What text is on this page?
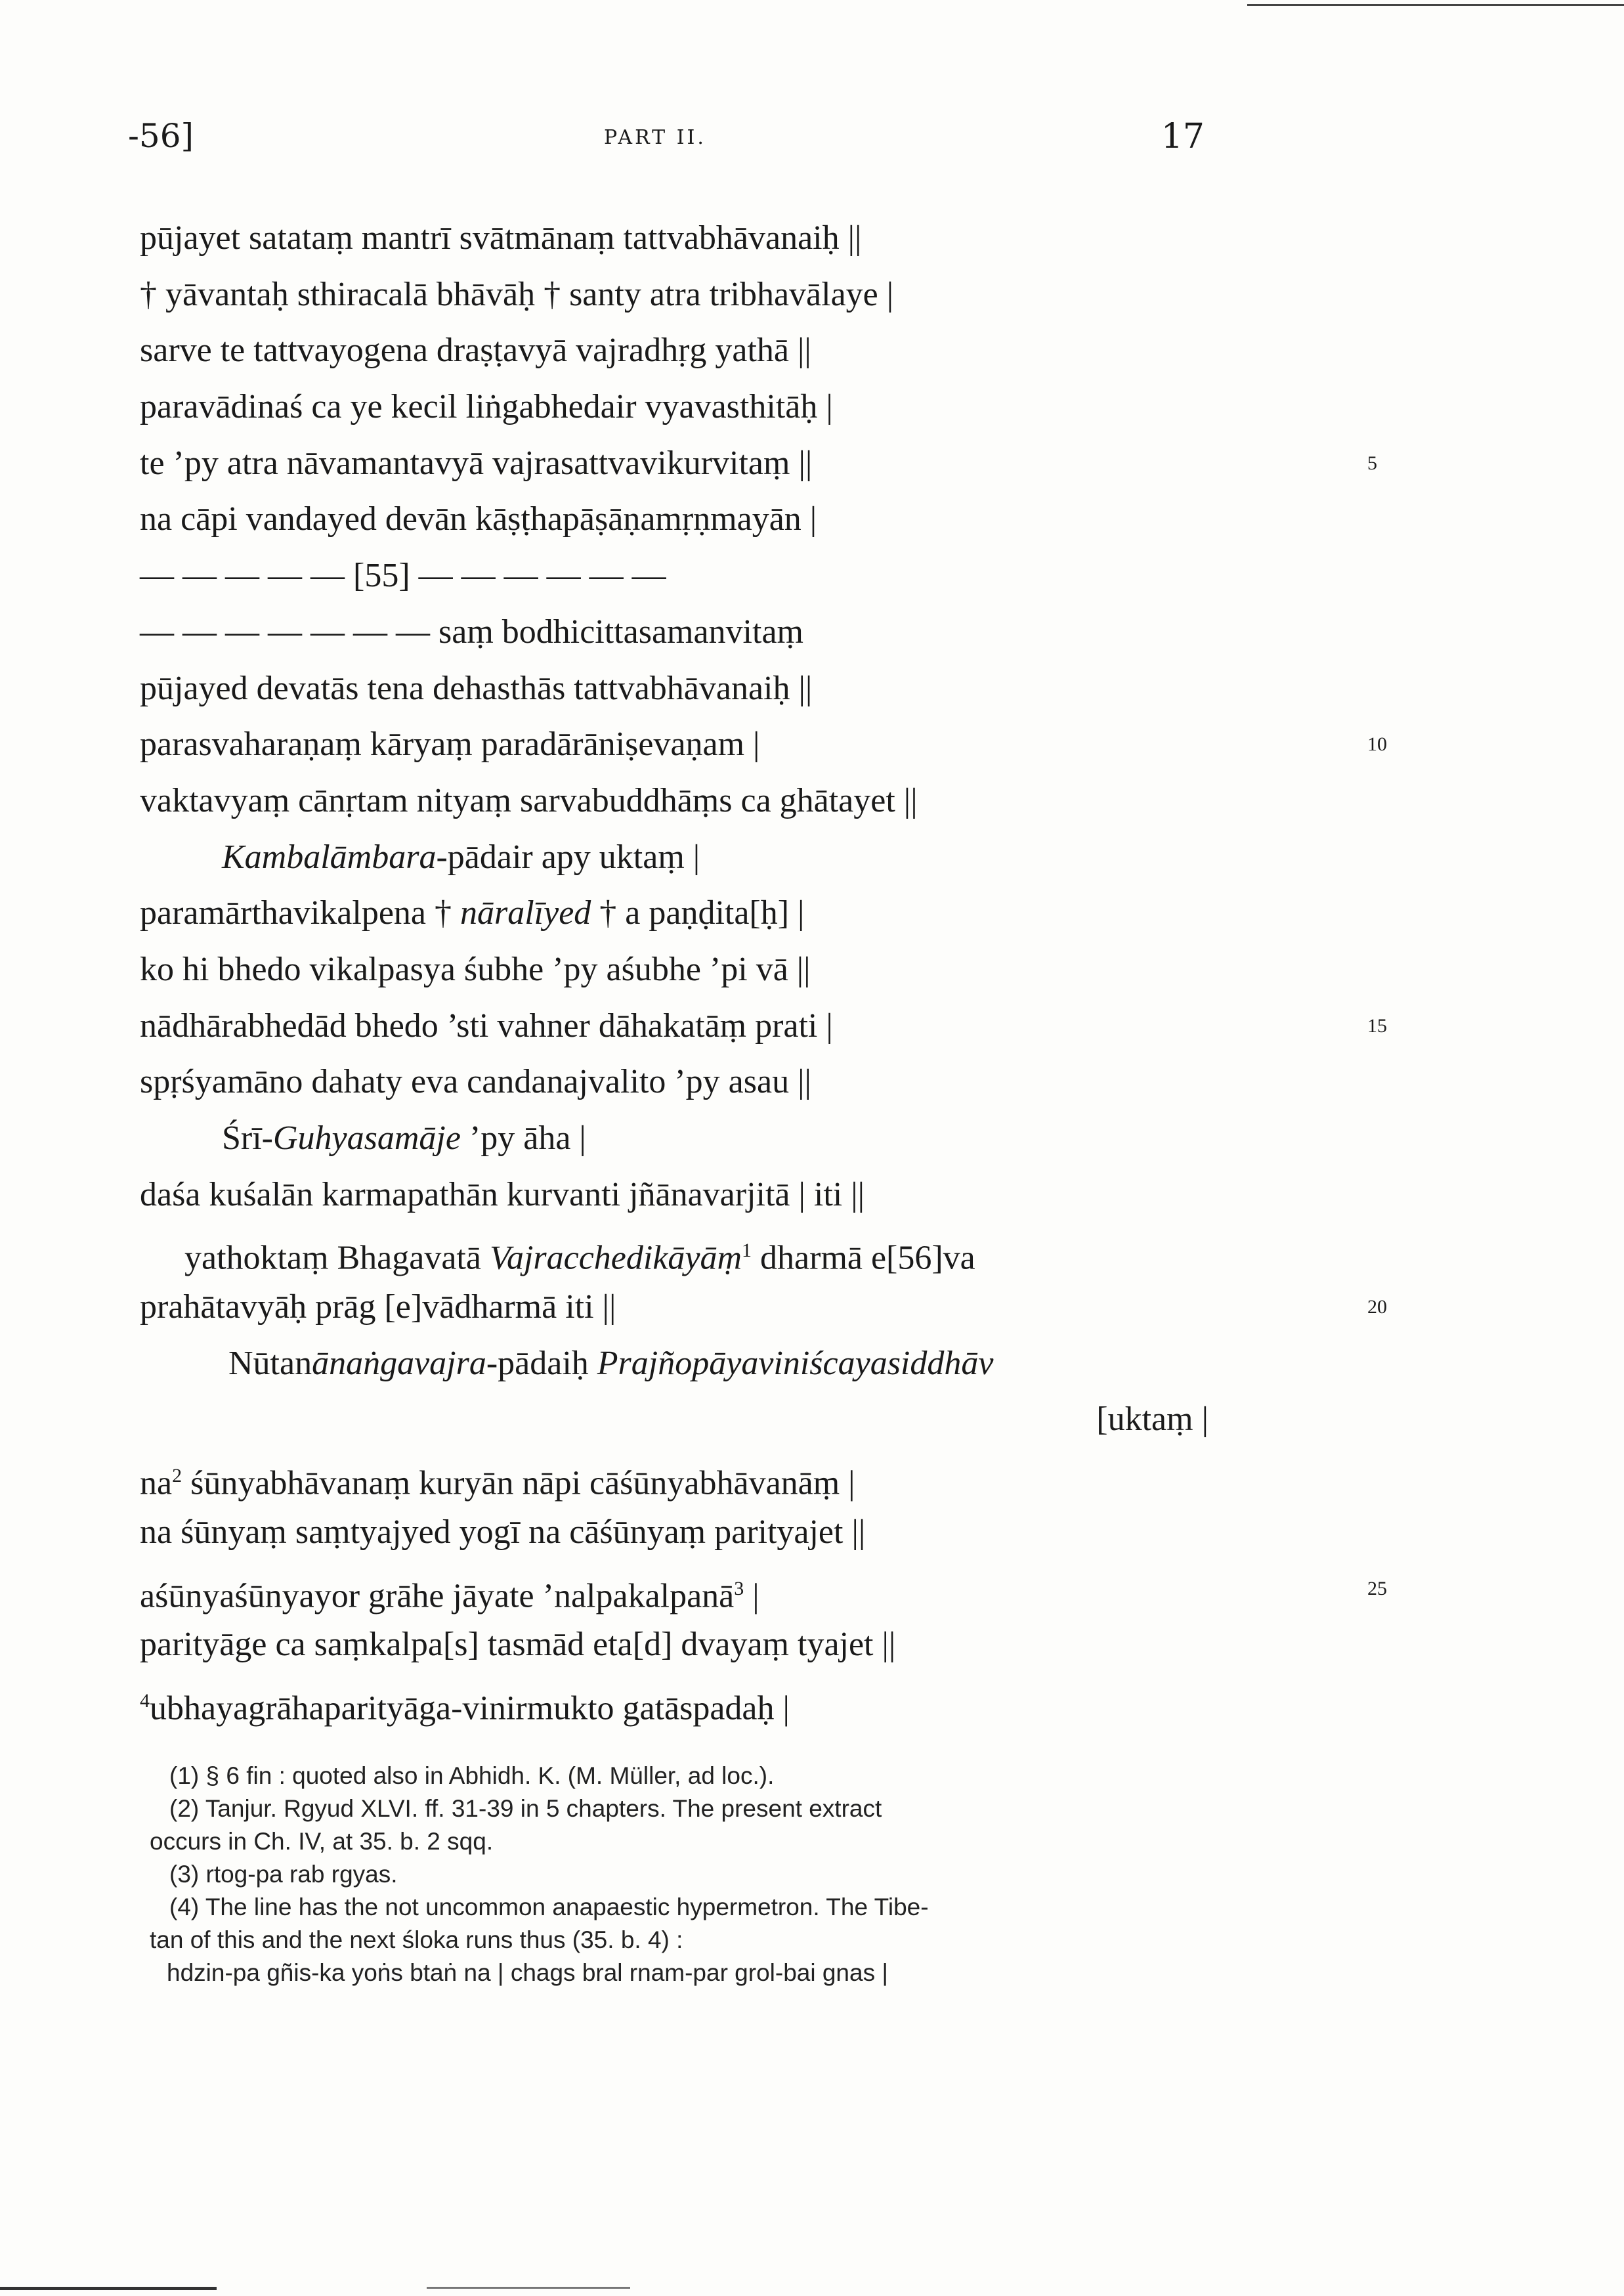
-56]	PART II.	17
pūjayet satataṃ mantrī svātmānaṃ tattvabhāvanaiḥ ||
† yāvantaḥ sthiracalā bhāvāḥ † santy atra tribhavālaye |
sarve te tattvayogena draṣṭavyā vajradhṛg yathā ||
paravādinaś ca ye kecil liṅgabhedair vyavasthitāḥ |
te ’py atra nāvamantavyā vajrasattvavikurvitaṃ ||	5
na cāpi vandayed devān kāṣṭhapāṣāṇamṛṇmayān |
— — — — — [55] — — — — — —
— — — — — — — saṃ bodhicittasamanvitaṃ
pūjayed devatās tena dehasthās tattvabhāvanaiḥ ||
parasvaharaṇaṃ kāryaṃ paradārāniṣevaṇam |	10
vaktavyaṃ cānṛtam nityaṃ sarvabuddhāṃs ca ghātayet ||
Kambalāmbara-pādair apy uktaṃ |
paramārthavikalpena † nāralīyed † a paṇḍita[ḥ] |
ko hi bhedo vikalpasya śubhe ’py aśubhe ’pi vā ||
nādhārabhedād bhedo ’sti vahner dāhakatāṃ prati |	15
spṛśyamāno dahaty eva candanajvalito ’py asau ||
Śrī-Guhyasamāje ’py āha |
daśa kuśalān karmapathān kurvanti jñānavarjitā | iti ||
yathoktaṃ Bhagavatā Vajracchedikāyāṃ$^1$ dharmā e[56]va
prahātavyāḥ prāg [e]vādharmā iti ||	20
Nūtanānaṅgavajra-pādaiḥ Prajñopāyaviniścayasiddhāv
[uktaṃ |
$na^2$ śūnyabhāvanaṃ kuryān nāpi cāśūnyabhāvanāṃ |
na śūnyaṃ saṃtyajyed yogī na cāśūnyaṃ parityajet ||
aśūnyaśūnyayor grāhe jāyate ’nalpakalpanā$^3$ |	25
parityāge ca saṃkalpa[s] tasmād eta[d] dvayaṃ tyajet ||
$^4$ubhayagrāhaparityāga-vinirmukto gatāspadaḥ |
(1) § 6 fin : quoted also in Abhidh. K. (M. Müller, ad loc.).
(2) Tanjur. Rgyud XLVI. ff. 31-39 in 5 chapters. The present extract
occurs in Ch. IV, at 35. b. 2 sqq.
(3) rtog-pa rab rgyas.
(4) The line has the not uncommon anapaestic hypermetron. The Tibe-
tan of this and the next śloka runs thus (35. b. 4) :
hdzin-pa gñis-ka yoṅs btaṅ na | chags bral rnam-par grol-bai gnas |
